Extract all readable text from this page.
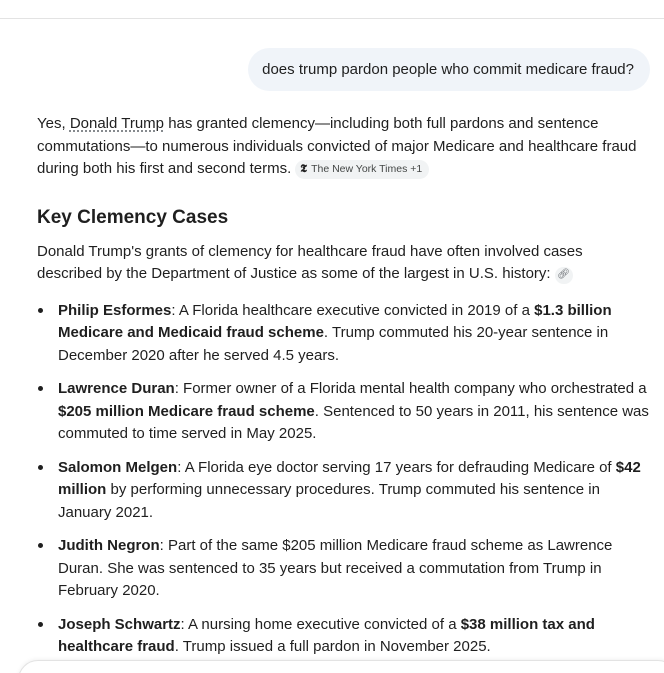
does trump pardon people who commit medicare fraud?

Yes, Donald Trump has granted clemency—including both full pardons and sentence commutations—to numerous individuals convicted of major Medicare and healthcare fraud during both his first and second terms. 𝕿 The New York Times +1

Key Clemency Cases

Donald Trump's grants of clemency for healthcare fraud have often involved cases described by the Department of Justice as some of the largest in U.S. history: 🔗︎

Philip Esformes: A Florida healthcare executive convicted in 2019 of a $1.3 billion Medicare and Medicaid fraud scheme. Trump commuted his 20-year sentence in December 2020 after he served 4.5 years.
Lawrence Duran: Former owner of a Florida mental health company who orchestrated a $205 million Medicare fraud scheme. Sentenced to 50 years in 2011, his sentence was commuted to time served in May 2025.
Salomon Melgen: A Florida eye doctor serving 17 years for defrauding Medicare of $42 million by performing unnecessary procedures. Trump commuted his sentence in January 2021.
Judith Negron: Part of the same $205 million Medicare fraud scheme as Lawrence Duran. She was sentenced to 35 years but received a commutation from Trump in February 2020.
Joseph Schwartz: A nursing home executive convicted of a $38 million tax and healthcare fraud. Trump issued a full pardon in November 2025.
